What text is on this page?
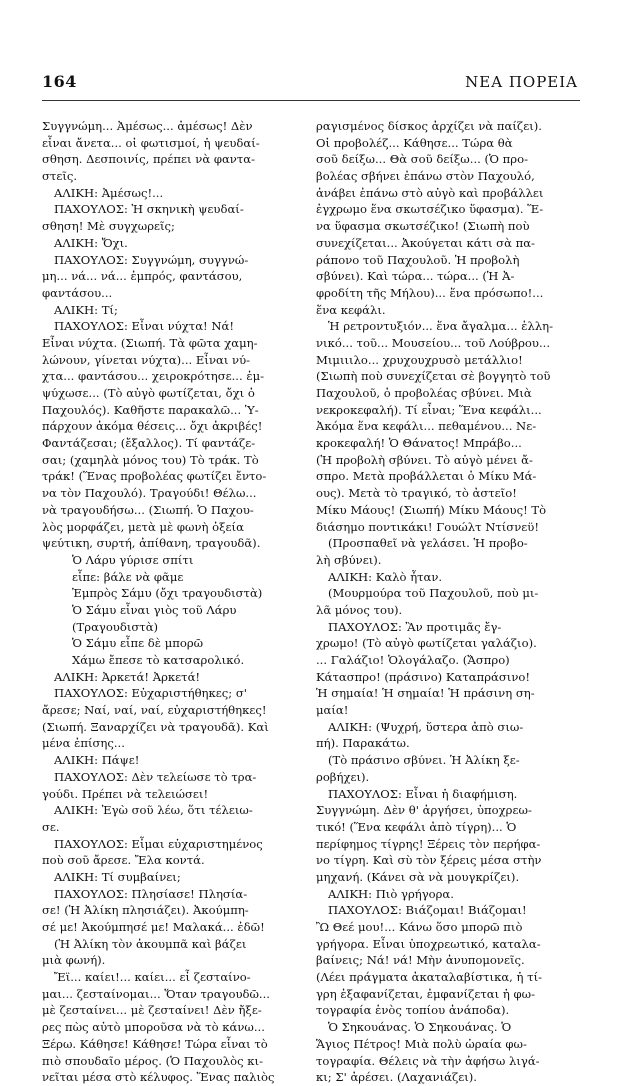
164	ΝΕΑ ΠΟΡΕΙΑ
Συγγνώμη... Ἀμέσως... ἀμέσως! Δὲν
εἶναι ἄνετα... οἱ φωτισμοί, ἡ ψευδαί-
σθηση. Δεσποινίς, πρέπει νὰ φαντα-
στεῖς.
ΑΛΙΚΗ: Ἀμέσως!...
ΠΑΧΟΥΛΟΣ: Ἡ σκηνικὴ ψευδαί-
σθηση! Μὲ συγχωρεῖς;
ΑΛΙΚΗ: Ὄχι.
ΠΑΧΟΥΛΟΣ: Συγγνώμη, συγγνώ-
μη... νά... νά... ἐμπρός, φαντάσου,
φαντάσου...
ΑΛΙΚΗ: Τί;
ΠΑΧΟΥΛΟΣ: Εἶναι νύχτα! Νά!
Εἶναι νύχτα. (Σιωπή. Τὰ φῶτα χαμη-
λώνουν, γίνεται νύχτα)... Εἶναι νύ-
χτα... φαντάσου... χειροκρότησε... ἐμ-
ψύχωσε... (Τὸ αὐγὸ φωτίζεται, ὄχι ὁ
Παχουλός). Καθῆστε παρακαλῶ... Ὑ-
πάρχουν ἀκόμα θέσεις... ὄχι ἀκριβές!
Φαντάζεσαι; (ἔξαλλος). Τί φαντάζε-
σαι; (χαμηλὰ μόνος του) Τὸ τράκ. Τὸ
τράκ! (Ἕνας προβολέας φωτίζει ἔντο-
να τὸν Παχουλό). Τραγούδι! Θέλω...
νὰ τραγουδήσω... (Σιωπή. Ὁ Παχου-
λὸς μορφάζει, μετὰ μὲ φωνὴ ὀξεία
ψεύτικη, συρτή, ἀπίθανη, τραγουδᾶ).
Ὁ Λάρυ γύρισε σπίτι
εἶπε: βάλε νὰ φᾶμε
Ἐμπρὸς Σάμυ (ὄχι τραγουδιστὰ)
Ὁ Σάμυ εἶναι γιὸς τοῦ Λάρυ
(Τραγουδιστὰ)
Ὁ Σάμυ εἶπε δὲ μπορῶ
Χάμω ἔπεσε τὸ κατσαρολικό.
ΑΛΙΚΗ: Ἀρκετά! Ἀρκετά!
ΠΑΧΟΥΛΟΣ: Εὐχαριστήθηκες; σ'
ἄρεσε; Ναί, ναί, ναί, εὐχαριστήθηκες!
(Σιωπή. Ξαναρχίζει νὰ τραγουδᾶ). Καὶ
μένα ἐπίσης...
ΑΛΙΚΗ: Πάψε!
ΠΑΧΟΥΛΟΣ: Δὲν τελείωσε τὸ τρα-
γούδι. Πρέπει νὰ τελειώσει!
ΑΛΙΚΗ: Ἐγὼ σοῦ λέω, ὅτι τέλειω-
σε.
ΠΑΧΟΥΛΟΣ: Εἶμαι εὐχαριστημένος
ποὺ σοῦ ἄρεσε. Ἔλα κοντά.
ΑΛΙΚΗ: Τί συμβαίνει;
ΠΑΧΟΥΛΟΣ: Πλησίασε! Πλησία-
σε! (Ἡ Ἀλίκη πλησιάζει). Ἀκούμπη-
σέ με! Ἀκούμπησέ με! Μαλακά... ἐδῶ!
(Ἡ Ἀλίκη τὸν ἀκουμπᾶ καὶ βάζει
μιὰ φωνή).
Ἔϊ... καίει!... καίει... εἶ ζεσταίνο-
μαι... ζεσταίνομαι... Ὅταν τραγουδῶ...
μὲ ζεσταίνει... μὲ ζεσταίνει! Δὲν ἤξε-
ρες πὼς αὐτὸ μποροῦσα νὰ τὸ κάνω...
Ξέρω. Κάθησε! Κάθησε! Τώρα εἶναι τὸ
πιὸ σπουδαῖο μέρος. (Ὁ Παχουλὸς κι-
νεῖται μέσα στὸ κέλυφος. Ἕνας παλιὸς
ραγισμένος δίσκος ἀρχίζει νὰ παίζει).
Οἱ προβολέζ... Κάθησε... Τώρα θὰ
σοῦ δείξω... Θὰ σοῦ δείξω... (Ὁ προ-
βολέας σβήνει ἐπάνω στὸν Παχουλό,
ἀνάβει ἐπάνω στὸ αὐγὸ καὶ προβάλλει
ἐγχρωμο ἕνα σκωτσέζικο ὕφασμα). Ἕ-
να ὕφασμα σκωτσέζικο! (Σιωπὴ ποὺ
συνεχίζεται... Ἀκούγεται κάτι σὰ πα-
ράπονο τοῦ Παχουλοῦ. Ἡ προβολὴ
σβύνει). Καὶ τώρα... τώρα... (Ἡ Ἀ-
φροδίτη τῆς Μήλου)... ἕνα πρόσωπο!...
ἕνα κεφάλι.
Ἡ ρετροντυξιόν... ἕνα ἄγαλμα... ἑλλη-
νικό... τοῦ... Μουσείου... τοῦ Λούβρου...
Μιμιιιλο... χρυχουχρυσὸ μετάλλιο!
(Σιωπὴ ποὺ συνεχίζεται σὲ βογγητὸ τοῦ
Παχουλοῦ, ὁ προβολέας σβύνει. Μιὰ
νεκροκεφαλή). Τί εἶναι; Ἕνα κεφάλι...
Ἀκόμα ἕνα κεφάλι... πεθαμένου... Νε-
κροκεφαλή! Ὁ Θάνατος! Μπράβο...
(Ἡ προβολὴ σβύνει. Τὸ αὐγὸ μένει ἄ-
σπρο. Μετὰ προβάλλεται ὁ Μίκυ Μά-
ους). Μετὰ τὸ τραγικό, τὸ ἀστεῖο!
Μίκυ Μάους! (Σιωπή) Μίκυ Μάους! Τὸ
διάσημο ποντικάκι! Γουώλτ Ντίσνεϋ!
(Προσπαθεῖ νὰ γελάσει. Ἡ προβο-
λὴ σβύνει).
ΑΛΙΚΗ: Καλὸ ἦταν.
(Μουρμούρα τοῦ Παχουλοῦ, ποὺ μι-
λᾶ μόνος του).
ΠΑΧΟΥΛΟΣ: Ἂν προτιμᾶς ἔγ-
χρωμο! (Τὸ αὐγὸ φωτίζεται γαλάζιο).
... Γαλάζιο! Ὁλογάλαζο. (Ἄσπρο)
Κάτασπρο! (πράσινο) Καταπράσινο!
Ἡ σημαία! Ἡ σημαία! Ἡ πράσινη ση-
μαία!
ΑΛΙΚΗ: (Ψυχρή, ὕστερα ἀπὸ σιω-
πή). Παρακάτω.
(Τὸ πράσινο σβύνει. Ἡ Ἀλίκη ξε-
ροβήχει).
ΠΑΧΟΥΛΟΣ: Εἶναι ἡ διαφήμιση.
Συγγνώμη. Δὲν θ' ἀργήσει, ὑποχρεω-
τικό! (Ἕνα κεφάλι ἀπὸ τίγρη)... Ὁ
περίφημος τίγρης! Ξέρεις τὸν περήφα-
νο τίγρη. Καὶ σὺ τὸν ξέρεις μέσα στὴν
μηχανή. (Κάνει σὰ νὰ μουγκρίζει).
ΑΛΙΚΗ: Πιὸ γρήγορα.
ΠΑΧΟΥΛΟΣ: Βιάζομαι! Βιάζομαι!
Ὢ Θεέ μου!... Κάνω ὅσο μπορῶ πιὸ
γρήγορα. Εἶναι ὑποχρεωτικό, καταλα-
βαίνεις; Νά! νά! Μὴν ἀνυπομονεῖς.
(Λέει πράγματα ἀκαταλαβίστικα, ἡ τί-
γρη ἐξαφανίζεται, ἐμφανίζεται ἡ φω-
τογραφία ἑνὸς τοπίου ἀνάποδα).
Ὁ Σηκουάνας. Ὁ Σηκουάνας. Ὁ
Ἅγιος Πέτρος! Μιὰ πολὺ ὡραία φω-
τογραφία. Θέλεις νὰ τὴν ἀφήσω λιγά-
κι; Σ' ἀρέσει. (Λαχανιάζει).
